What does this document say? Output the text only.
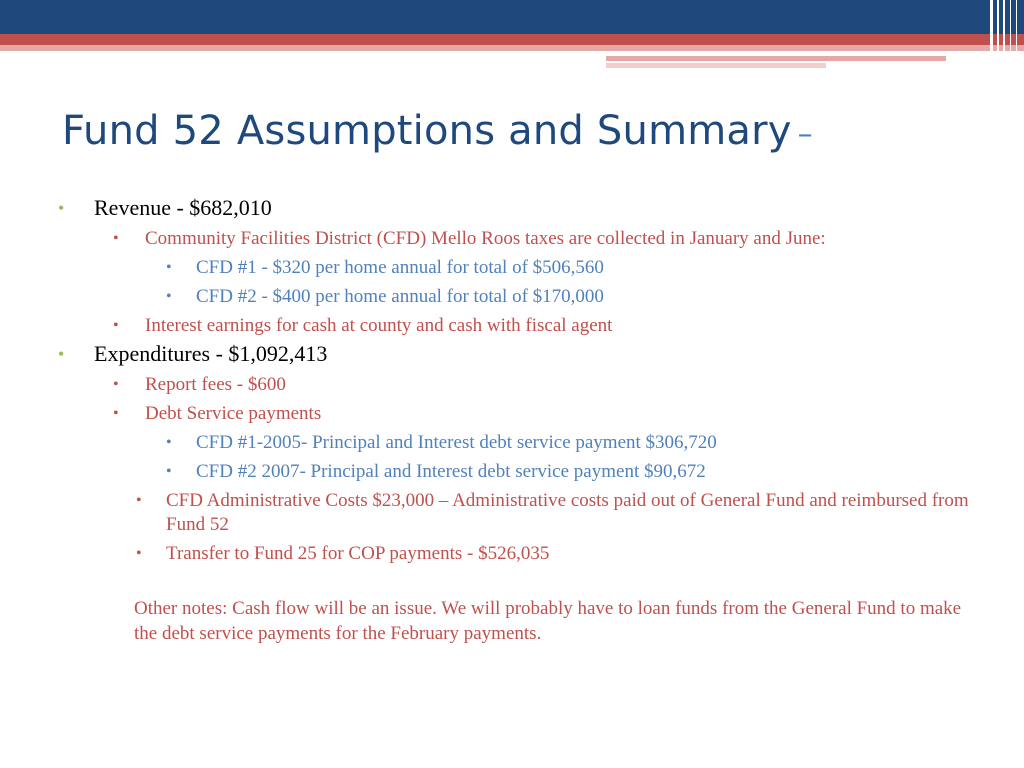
Fund 52 Assumptions and Summary –
• Revenue - $682,010
• Community Facilities District (CFD) Mello Roos taxes are collected in January and June:
• CFD #1 - $320 per home annual for total of $506,560
• CFD #2 - $400 per home annual for total of $170,000
• Interest earnings for cash at county and cash with fiscal agent
• Expenditures - $1,092,413
• Report fees - $600
• Debt Service payments
• CFD #1-2005- Principal and Interest debt service payment $306,720
• CFD #2 2007- Principal and Interest debt service payment $90,672
• CFD Administrative Costs $23,000 – Administrative costs paid out of General Fund and reimbursed from Fund 52
• Transfer to Fund 25 for COP payments - $526,035
Other notes: Cash flow will be an issue. We will probably have to loan funds from the General Fund to make the debt service payments for the February payments.
